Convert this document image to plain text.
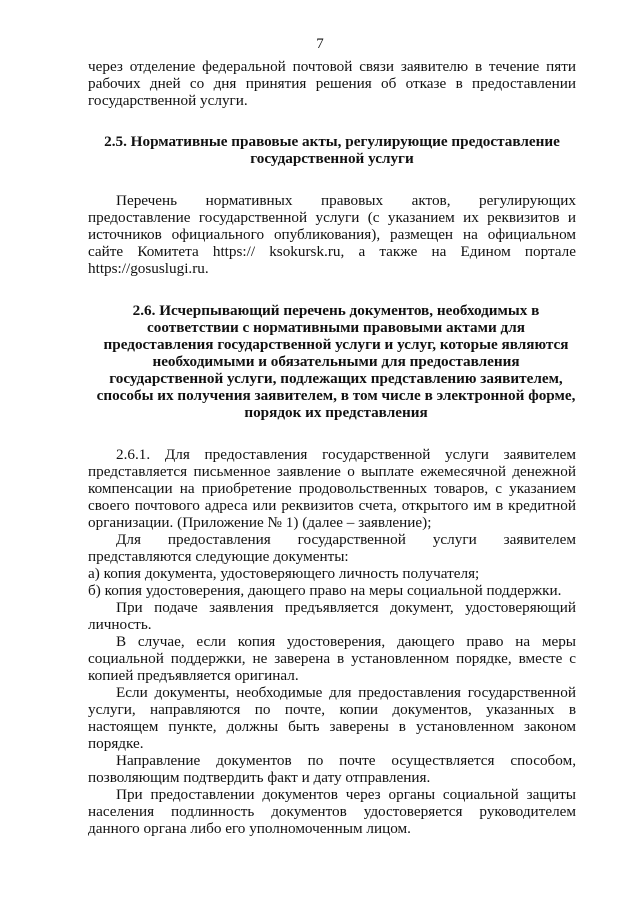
7

через отделение федеральной почтовой связи заявителю в течение пяти рабочих дней со дня принятия решения об отказе в предоставлении государственной услуги.

2.5. Нормативные правовые акты, регулирующие предоставление государственной услуги

Перечень нормативных правовых актов, регулирующих предоставление государственной услуги (с указанием их реквизитов и источников официального опубликования), размещен на официальном сайте Комитета https:// ksokursk.ru, а также на Едином портале https://gosuslugi.ru.

2.6. Исчерпывающий перечень документов, необходимых в соответствии с нормативными правовыми актами для предоставления государственной услуги и услуг, которые являются необходимыми и обязательными для предоставления государственной услуги, подлежащих представлению заявителем, способы их получения заявителем, в том числе в электронной форме, порядок их представления

2.6.1. Для предоставления государственной услуги заявителем представляется письменное заявление о выплате ежемесячной денежной компенсации на приобретение продовольственных товаров, с указанием своего почтового адреса или реквизитов счета, открытого им в кредитной организации. (Приложение № 1) (далее – заявление);

Для предоставления государственной услуги заявителем представляются следующие документы:

а) копия документа, удостоверяющего личность получателя;

б) копия удостоверения, дающего право на меры социальной поддержки.

При подаче заявления предъявляется документ, удостоверяющий личность.

В случае, если копия удостоверения, дающего право на меры социальной поддержки, не заверена в установленном порядке, вместе с копией предъявляется оригинал.

Если документы, необходимые для предоставления государственной услуги, направляются по почте, копии документов, указанных в настоящем пункте, должны быть заверены в установленном законом порядке.

Направление документов по почте осуществляется способом, позволяющим подтвердить факт и дату отправления.

При предоставлении документов через органы социальной защиты населения подлинность документов удостоверяется руководителем данного органа либо его уполномоченным лицом.
